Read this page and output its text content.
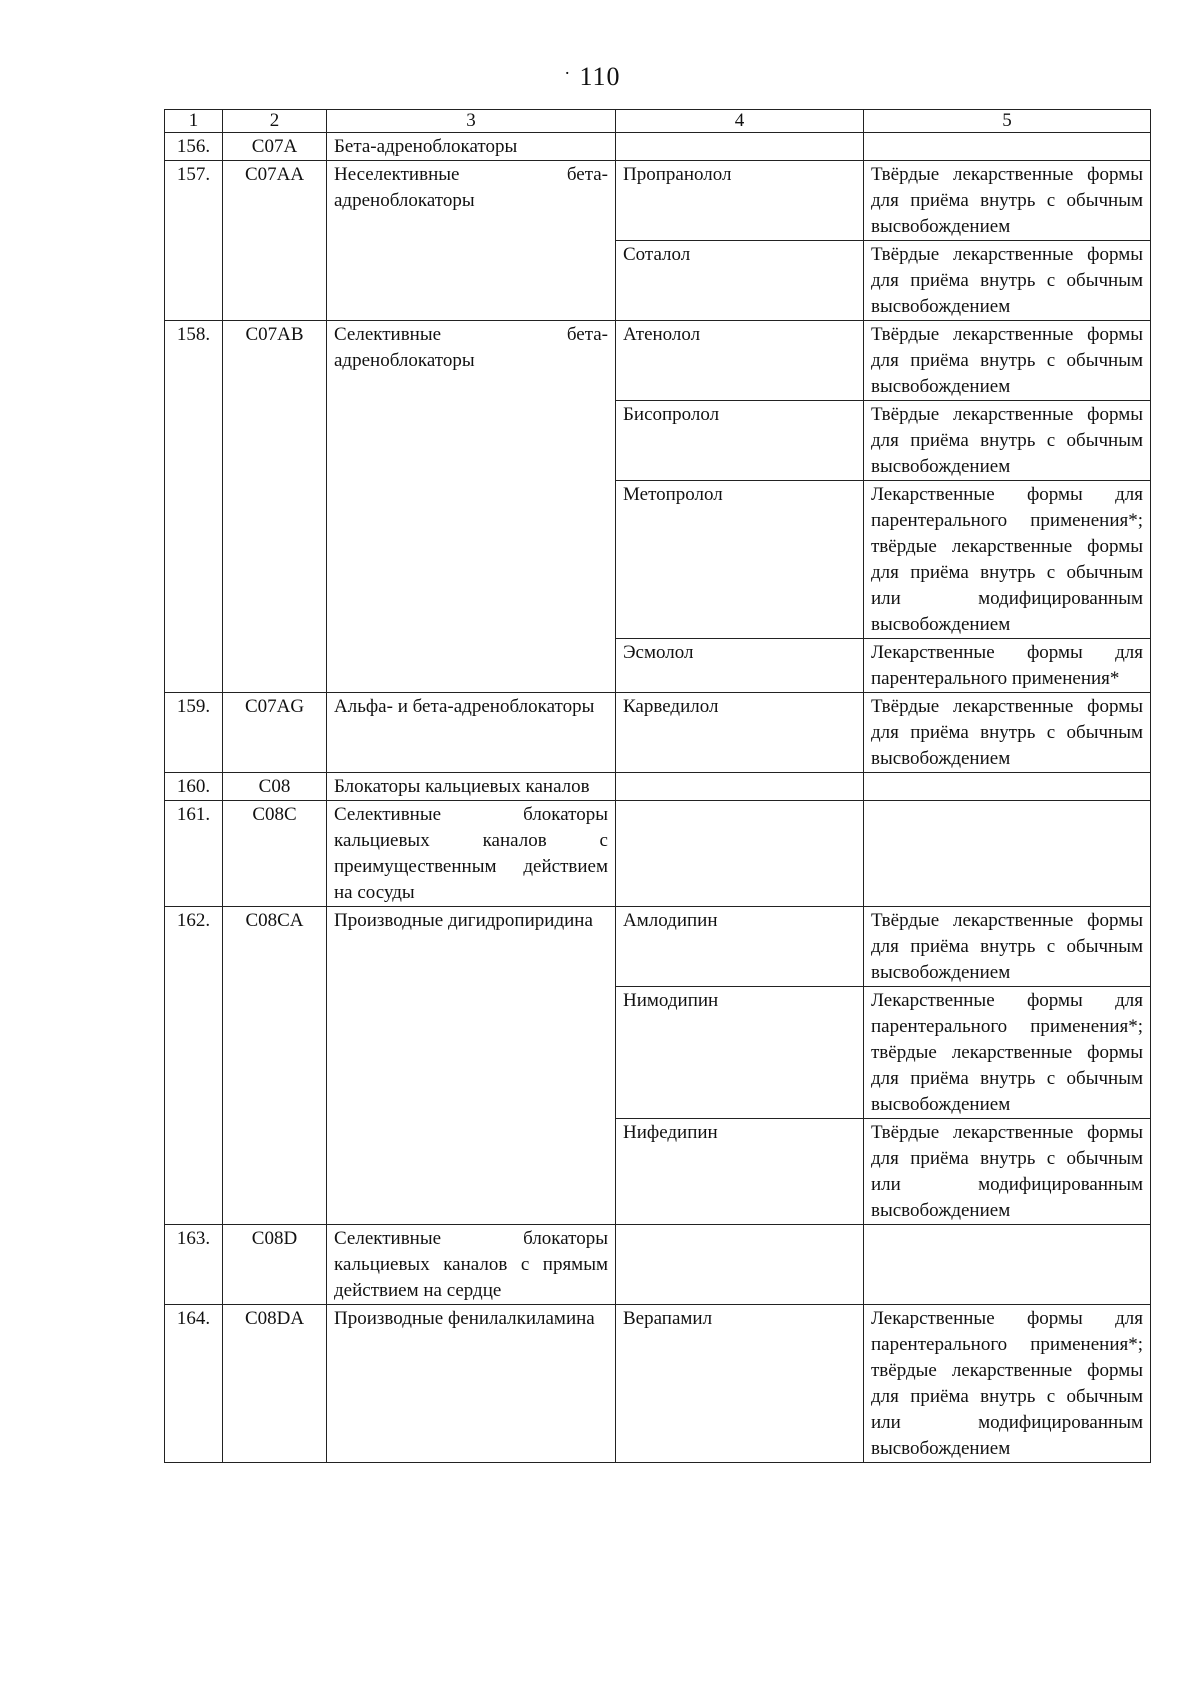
. 110
1	2	3	4	5
156.	C07A	Бета-адреноблокаторы		
157.	C07AA	Неселективные бета-адреноблокаторы	Пропранолол	Твёрдые лекарственные формы для приёма внутрь с обычным высвобождением
			Соталол	Твёрдые лекарственные формы для приёма внутрь с обычным высвобождением
158.	C07AB	Селективные бета-адреноблокаторы	Атенолол	Твёрдые лекарственные формы для приёма внутрь с обычным высвобождением
			Бисопролол	Твёрдые лекарственные формы для приёма внутрь с обычным высвобождением
			Метопролол	Лекарственные формы для парентерального применения*; твёрдые лекарственные формы для приёма внутрь с обычным или модифицированным высвобождением
			Эсмолол	Лекарственные формы для парентерального применения*
159.	C07AG	Альфа- и бета-адреноблокаторы	Карведилол	Твёрдые лекарственные формы для приёма внутрь с обычным высвобождением
160.	C08	Блокаторы кальциевых каналов		
161.	C08C	Селективные блокаторы кальциевых каналов с преимущественным действием на сосуды		
162.	C08CA	Производные дигидропиридина	Амлодипин	Твёрдые лекарственные формы для приёма внутрь с обычным высвобождением
			Нимодипин	Лекарственные формы для парентерального применения*; твёрдые лекарственные формы для приёма внутрь с обычным высвобождением
			Нифедипин	Твёрдые лекарственные формы для приёма внутрь с обычным или модифицированным высвобождением
163.	C08D	Селективные блокаторы кальциевых каналов с прямым действием на сердце		
164.	C08DA	Производные фенилалкиламина	Верапамил	Лекарственные формы для парентерального применения*; твёрдые лекарственные формы для приёма внутрь с обычным или модифицированным высвобождением
